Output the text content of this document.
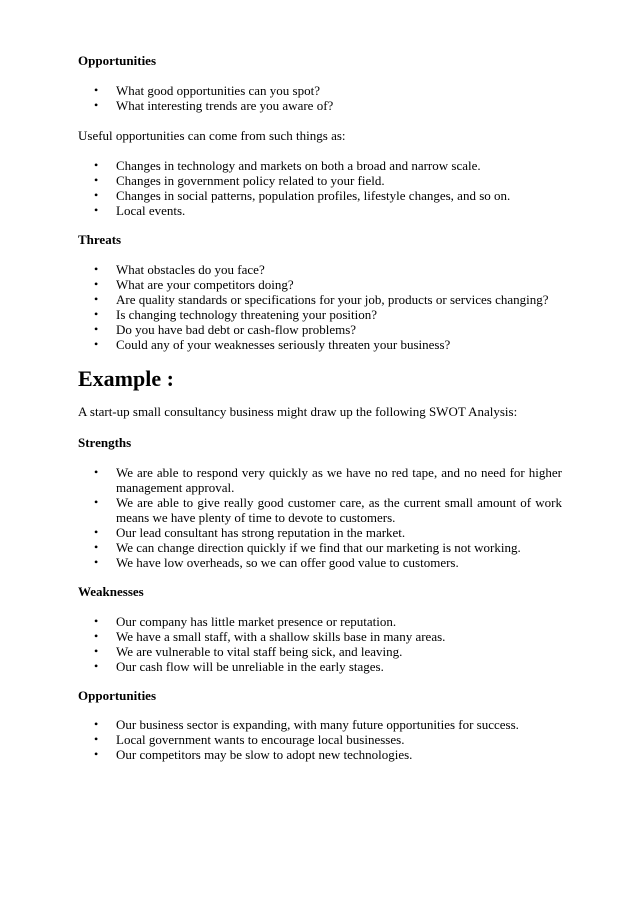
Opportunities
• What good opportunities can you spot?
• What interesting trends are you aware of?

Useful opportunities can come from such things as:

• Changes in technology and markets on both a broad and narrow scale.
• Changes in government policy related to your field.
• Changes in social patterns, population profiles, lifestyle changes, and so on.
• Local events.
Threats
• What obstacles do you face?
• What are your competitors doing?
• Are quality standards or specifications for your job, products or services changing?
• Is changing technology threatening your position?
• Do you have bad debt or cash-flow problems?
• Could any of your weaknesses seriously threaten your business?
Example :

A start-up small consultancy business might draw up the following SWOT Analysis:

Strengths
• We are able to respond very quickly as we have no red tape, and no need for higher management approval.
• We are able to give really good customer care, as the current small amount of work means we have plenty of time to devote to customers.
• Our lead consultant has strong reputation in the market.
• We can change direction quickly if we find that our marketing is not working.
• We have low overheads, so we can offer good value to customers.
Weaknesses
• Our company has little market presence or reputation.
• We have a small staff, with a shallow skills base in many areas.
• We are vulnerable to vital staff being sick, and leaving.
• Our cash flow will be unreliable in the early stages.
Opportunities
• Our business sector is expanding, with many future opportunities for success.
• Local government wants to encourage local businesses.
• Our competitors may be slow to adopt new technologies.
